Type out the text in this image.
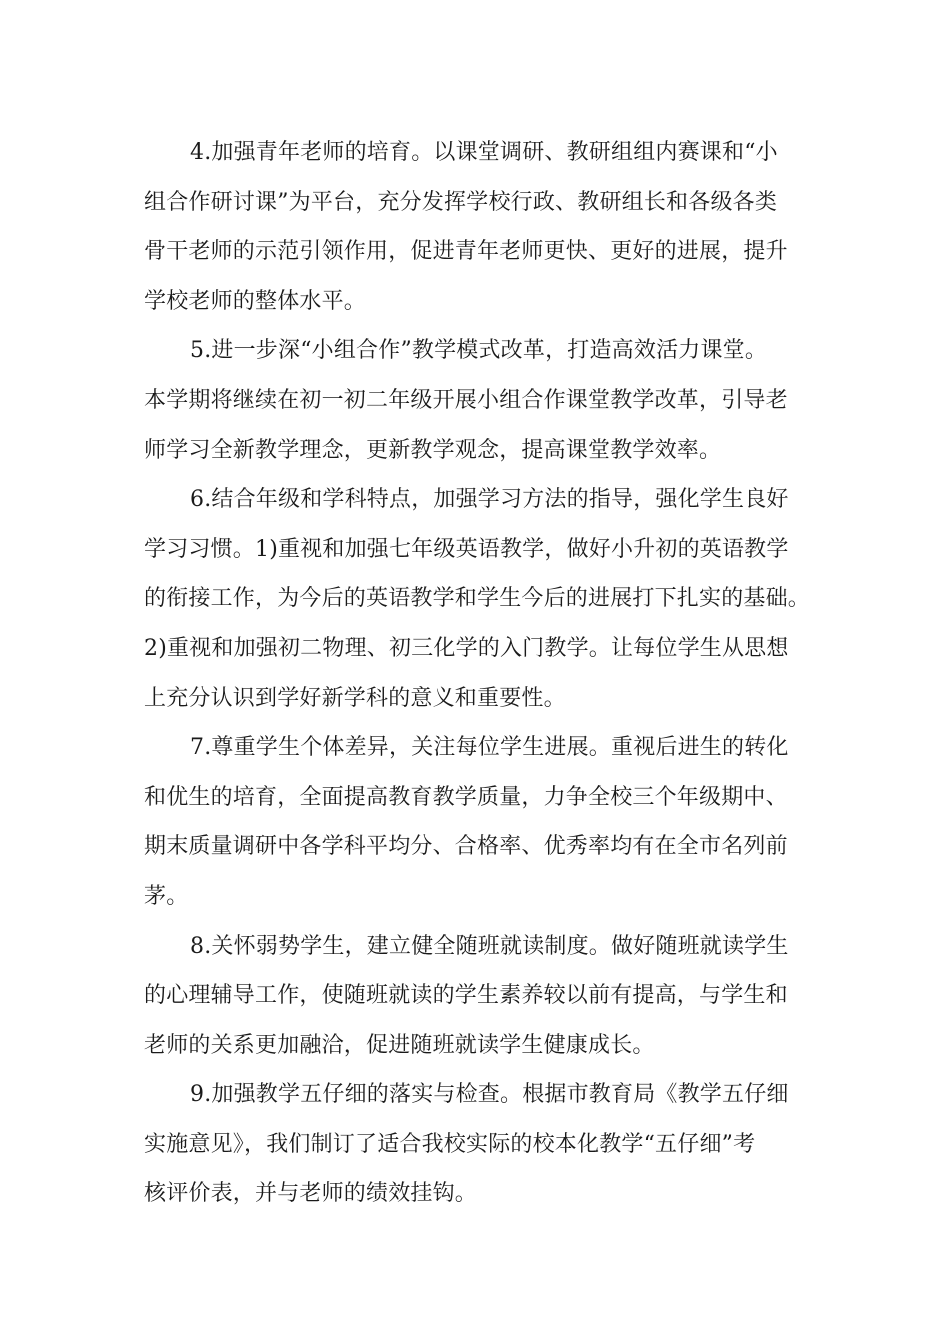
4.加强青年老师的培育。以课堂调研、教研组组内赛课和“小
组合作研讨课”为平台，充分发挥学校行政、教研组长和各级各类
骨干老师的示范引领作用，促进青年老师更快、更好的进展，提升
学校老师的整体水平。

5.进一步深“小组合作”教学模式改革，打造高效活力课堂。
本学期将继续在初一初二年级开展小组合作课堂教学改革，引导老
师学习全新教学理念，更新教学观念，提高课堂教学效率。

6.结合年级和学科特点，加强学习方法的指导，强化学生良好
学习习惯。1)重视和加强七年级英语教学，做好小升初的英语教学
的衔接工作，为今后的英语教学和学生今后的进展打下扎实的基础。
2)重视和加强初二物理、初三化学的入门教学。让每位学生从思想
上充分认识到学好新学科的意义和重要性。

7.尊重学生个体差异，关注每位学生进展。重视后进生的转化
和优生的培育，全面提高教育教学质量，力争全校三个年级期中、
期末质量调研中各学科平均分、合格率、优秀率均有在全市名列前
茅。

8.关怀弱势学生，建立健全随班就读制度。做好随班就读学生
的心理辅导工作，使随班就读的学生素养较以前有提高，与学生和
老师的关系更加融洽，促进随班就读学生健康成长。

9.加强教学五仔细的落实与检查。根据市教育局《教学五仔细
实施意见》，我们制订了适合我校实际的校本化教学“五仔细”考
核评价表，并与老师的绩效挂钩。
